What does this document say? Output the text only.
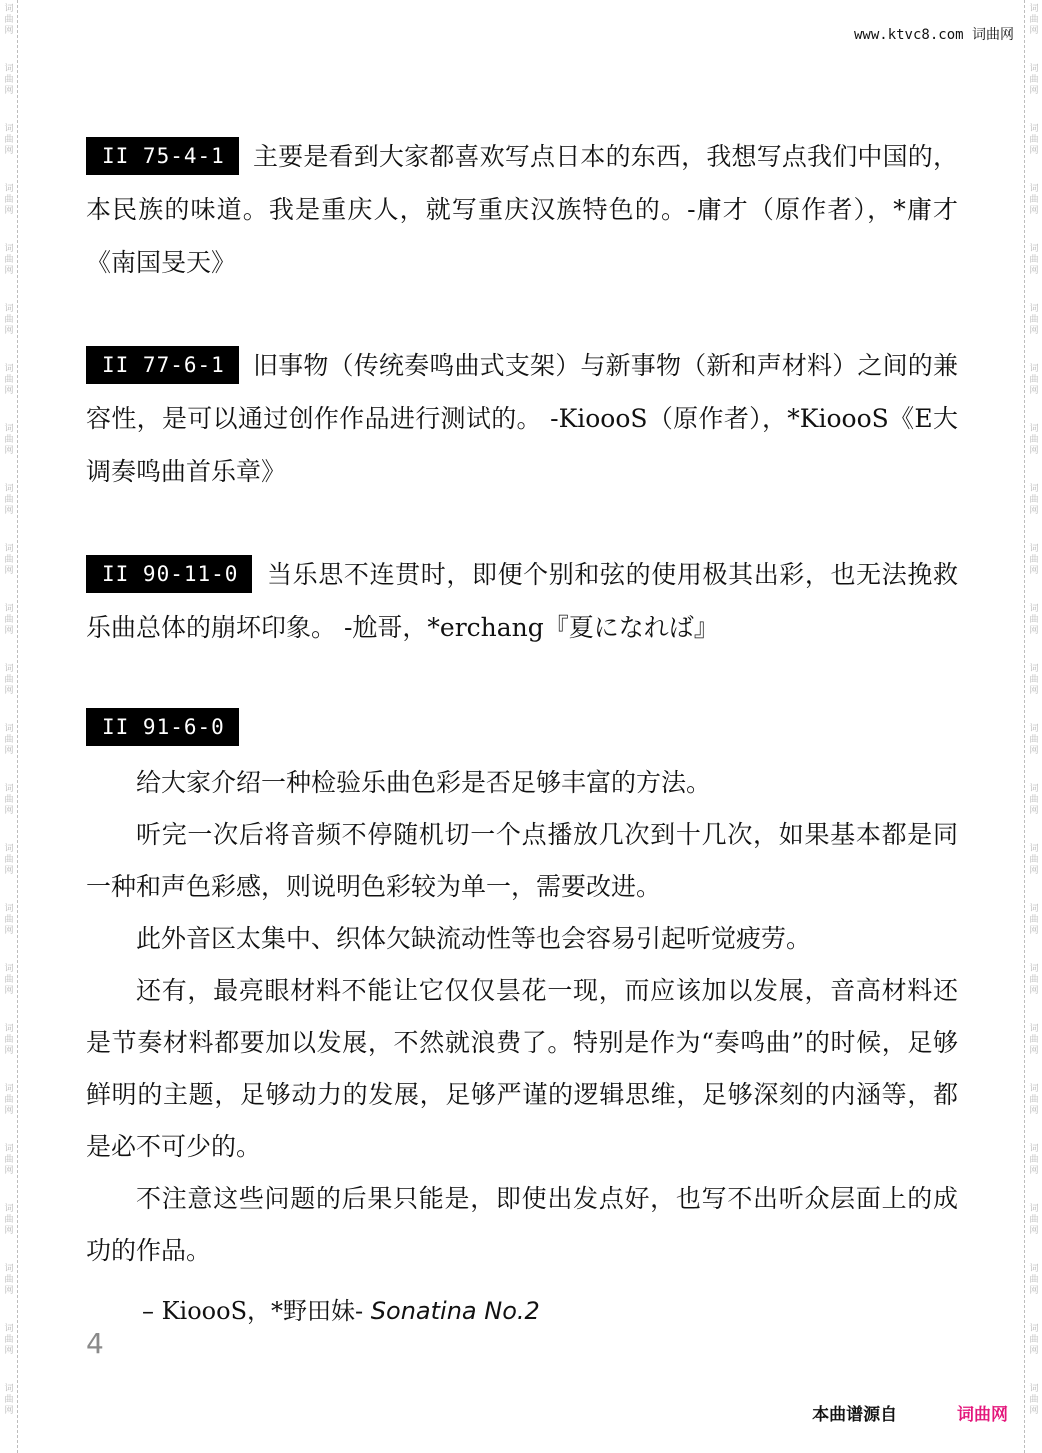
词
曲
网
词
曲
网
词
曲
网
词
曲
网
词
曲
网
词
曲
网
词
曲
网
词
曲
网
词
曲
网
词
曲
网
词
曲
网
词
曲
网
词
曲
网
词
曲
网
词
曲
网
词
曲
网
词
曲
网
词
曲
网
词
曲
网
词
曲
网
词
曲
网
词
曲
网
词
曲
网
词
曲
网
词
曲
网
词
曲
网
词
曲
网
词
曲
网
词
曲
网
词
曲
网
词
曲
网
词
曲
网
词
曲
网
词
曲
网
词
曲
网
词
曲
网
词
曲
网
词
曲
网
词
曲
网
词
曲
网
词
曲
网
词
曲
网
词
曲
网
词
曲
网
词
曲
网
词
曲
网
词
曲
网
词
曲
网
www.ktvc8.com 词曲网
II 75-4-1 主要是看到大家都喜欢写点日本的东西，我想写点我们中国的，本民族的味道。我是重庆人，就写重庆汉族特色的。-庸才（原作者），*庸才《南国旻天》
II 77-6-1 旧事物（传统奏鸣曲式支架）与新事物（新和声材料）之间的兼容性，是可以通过创作作品进行测试的。 -KioooS（原作者），*KioooS《E大调奏鸣曲首乐章》
II 90-11-0 当乐思不连贯时，即便个别和弦的使用极其出彩，也无法挽救乐曲总体的崩坏印象。 -尬哥，*erchang『夏になれば』
II 91-6-0

给大家介绍一种检验乐曲色彩是否足够丰富的方法。

听完一次后将音频不停随机切一个点播放几次到十几次，如果基本都是同一种和声色彩感，则说明色彩较为单一，需要改进。

此外音区太集中、织体欠缺流动性等也会容易引起听觉疲劳。

还有，最亮眼材料不能让它仅仅昙花一现，而应该加以发展，音高材料还是节奏材料都要加以发展，不然就浪费了。特别是作为“奏鸣曲”的时候，足够鲜明的主题，足够动力的发展，足够严谨的逻辑思维，足够深刻的内涵等，都是必不可少的。

不注意这些问题的后果只能是，即使出发点好，也写不出听众层面上的成功的作品。

– KioooS，*野田妹- Sonatina No.2
4
本曲谱源自	词曲网
